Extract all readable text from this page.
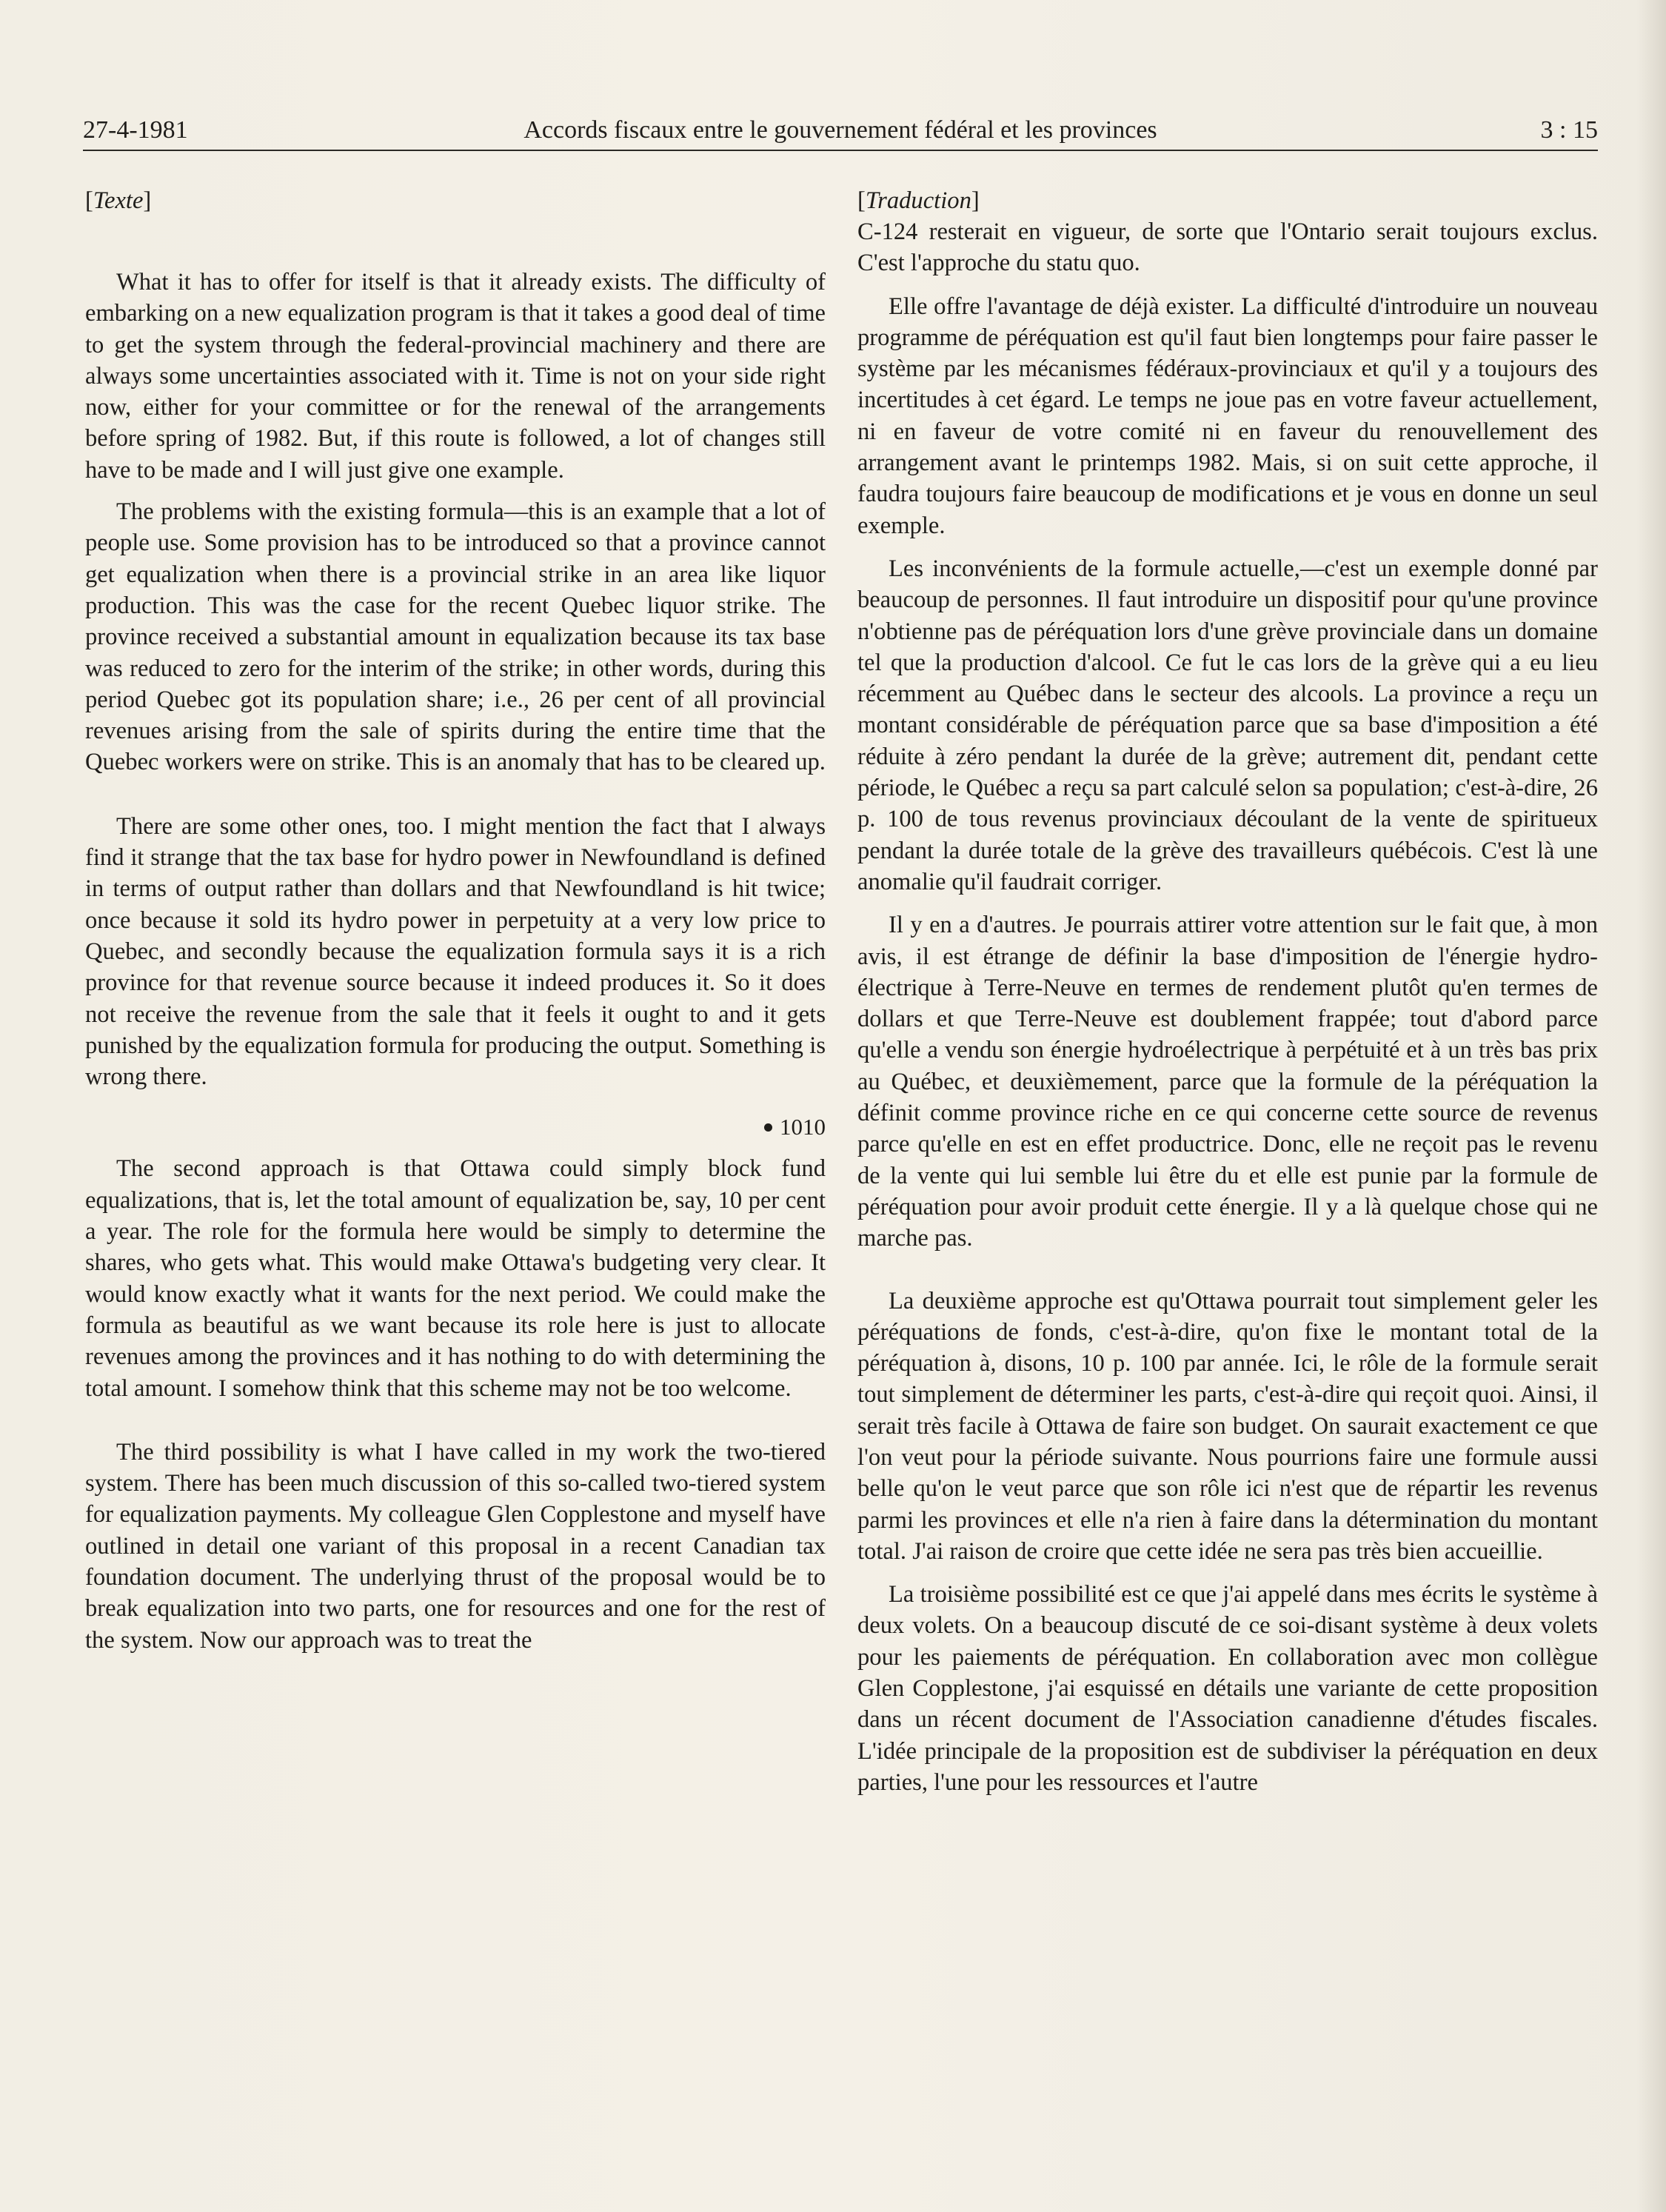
27-4-1981	Accords fiscaux entre le gouvernement fédéral et les provinces	3 : 15
[Texte]

What it has to offer for itself is that it already exists. The difficulty of embarking on a new equalization program is that it takes a good deal of time to get the system through the federal-provincial machinery and there are always some uncertainties associated with it. Time is not on your side right now, either for your committee or for the renewal of the arrangements before spring of 1982. But, if this route is followed, a lot of changes still have to be made and I will just give one example.

The problems with the existing formula—this is an example that a lot of people use. Some provision has to be introduced so that a province cannot get equalization when there is a provincial strike in an area like liquor production. This was the case for the recent Quebec liquor strike. The province received a substantial amount in equalization because its tax base was reduced to zero for the interim of the strike; in other words, during this period Quebec got its population share; i.e., 26 per cent of all provincial revenues arising from the sale of spirits during the entire time that the Quebec workers were on strike. This is an anomaly that has to be cleared up.

There are some other ones, too. I might mention the fact that I always find it strange that the tax base for hydro power in Newfoundland is defined in terms of output rather than dollars and that Newfoundland is hit twice; once because it sold its hydro power in perpetuity at a very low price to Quebec, and secondly because the equalization formula says it is a rich province for that revenue source because it indeed produces it. So it does not receive the revenue from the sale that it feels it ought to and it gets punished by the equalization formula for producing the output. Something is wrong there.

1010

The second approach is that Ottawa could simply block fund equalizations, that is, let the total amount of equalization be, say, 10 per cent a year. The role for the formula here would be simply to determine the shares, who gets what. This would make Ottawa's budgeting very clear. It would know exactly what it wants for the next period. We could make the formula as beautiful as we want because its role here is just to allocate revenues among the provinces and it has nothing to do with determining the total amount. I somehow think that this scheme may not be too welcome.

The third possibility is what I have called in my work the two-tiered system. There has been much discussion of this so-called two-tiered system for equalization payments. My colleague Glen Copplestone and myself have outlined in detail one variant of this proposal in a recent Canadian tax foundation document. The underlying thrust of the proposal would be to break equalization into two parts, one for resources and one for the rest of the system. Now our approach was to treat the

[Traduction]

C-124 resterait en vigueur, de sorte que l'Ontario serait toujours exclus. C'est l'approche du statu quo.

Elle offre l'avantage de déjà exister. La difficulté d'introduire un nouveau programme de péréquation est qu'il faut bien longtemps pour faire passer le système par les mécanismes fédéraux-provinciaux et qu'il y a toujours des incertitudes à cet égard. Le temps ne joue pas en votre faveur actuellement, ni en faveur de votre comité ni en faveur du renouvellement des arrangement avant le printemps 1982. Mais, si on suit cette approche, il faudra toujours faire beaucoup de modifications et je vous en donne un seul exemple.

Les inconvénients de la formule actuelle,—c'est un exemple donné par beaucoup de personnes. Il faut introduire un dispositif pour qu'une province n'obtienne pas de péréquation lors d'une grève provinciale dans un domaine tel que la production d'alcool. Ce fut le cas lors de la grève qui a eu lieu récemment au Québec dans le secteur des alcools. La province a reçu un montant considérable de péréquation parce que sa base d'imposition a été réduite à zéro pendant la durée de la grève; autrement dit, pendant cette période, le Québec a reçu sa part calculé selon sa population; c'est-à-dire, 26 p. 100 de tous revenus provinciaux découlant de la vente de spiritueux pendant la durée totale de la grève des travailleurs québécois. C'est là une anomalie qu'il faudrait corriger.

Il y en a d'autres. Je pourrais attirer votre attention sur le fait que, à mon avis, il est étrange de définir la base d'imposition de l'énergie hydro-électrique à Terre-Neuve en termes de rendement plutôt qu'en termes de dollars et que Terre-Neuve est doublement frappée; tout d'abord parce qu'elle a vendu son énergie hydroélectrique à perpétuité et à un très bas prix au Québec, et deuxièmement, parce que la formule de la péréquation la définit comme province riche en ce qui concerne cette source de revenus parce qu'elle en est en effet productrice. Donc, elle ne reçoit pas le revenu de la vente qui lui semble lui être du et elle est punie par la formule de péréquation pour avoir produit cette énergie. Il y a là quelque chose qui ne marche pas.

La deuxième approche est qu'Ottawa pourrait tout simplement geler les péréquations de fonds, c'est-à-dire, qu'on fixe le montant total de la péréquation à, disons, 10 p. 100 par année. Ici, le rôle de la formule serait tout simplement de déterminer les parts, c'est-à-dire qui reçoit quoi. Ainsi, il serait très facile à Ottawa de faire son budget. On saurait exactement ce que l'on veut pour la période suivante. Nous pourrions faire une formule aussi belle qu'on le veut parce que son rôle ici n'est que de répartir les revenus parmi les provinces et elle n'a rien à faire dans la détermination du montant total. J'ai raison de croire que cette idée ne sera pas très bien accueillie.

La troisième possibilité est ce que j'ai appelé dans mes écrits le système à deux volets. On a beaucoup discuté de ce soi-disant système à deux volets pour les paiements de péréquation. En collaboration avec mon collègue Glen Copplestone, j'ai esquissé en détails une variante de cette proposition dans un récent document de l'Association canadienne d'études fiscales. L'idée principale de la proposition est de subdiviser la péréquation en deux parties, l'une pour les ressources et l'autre
